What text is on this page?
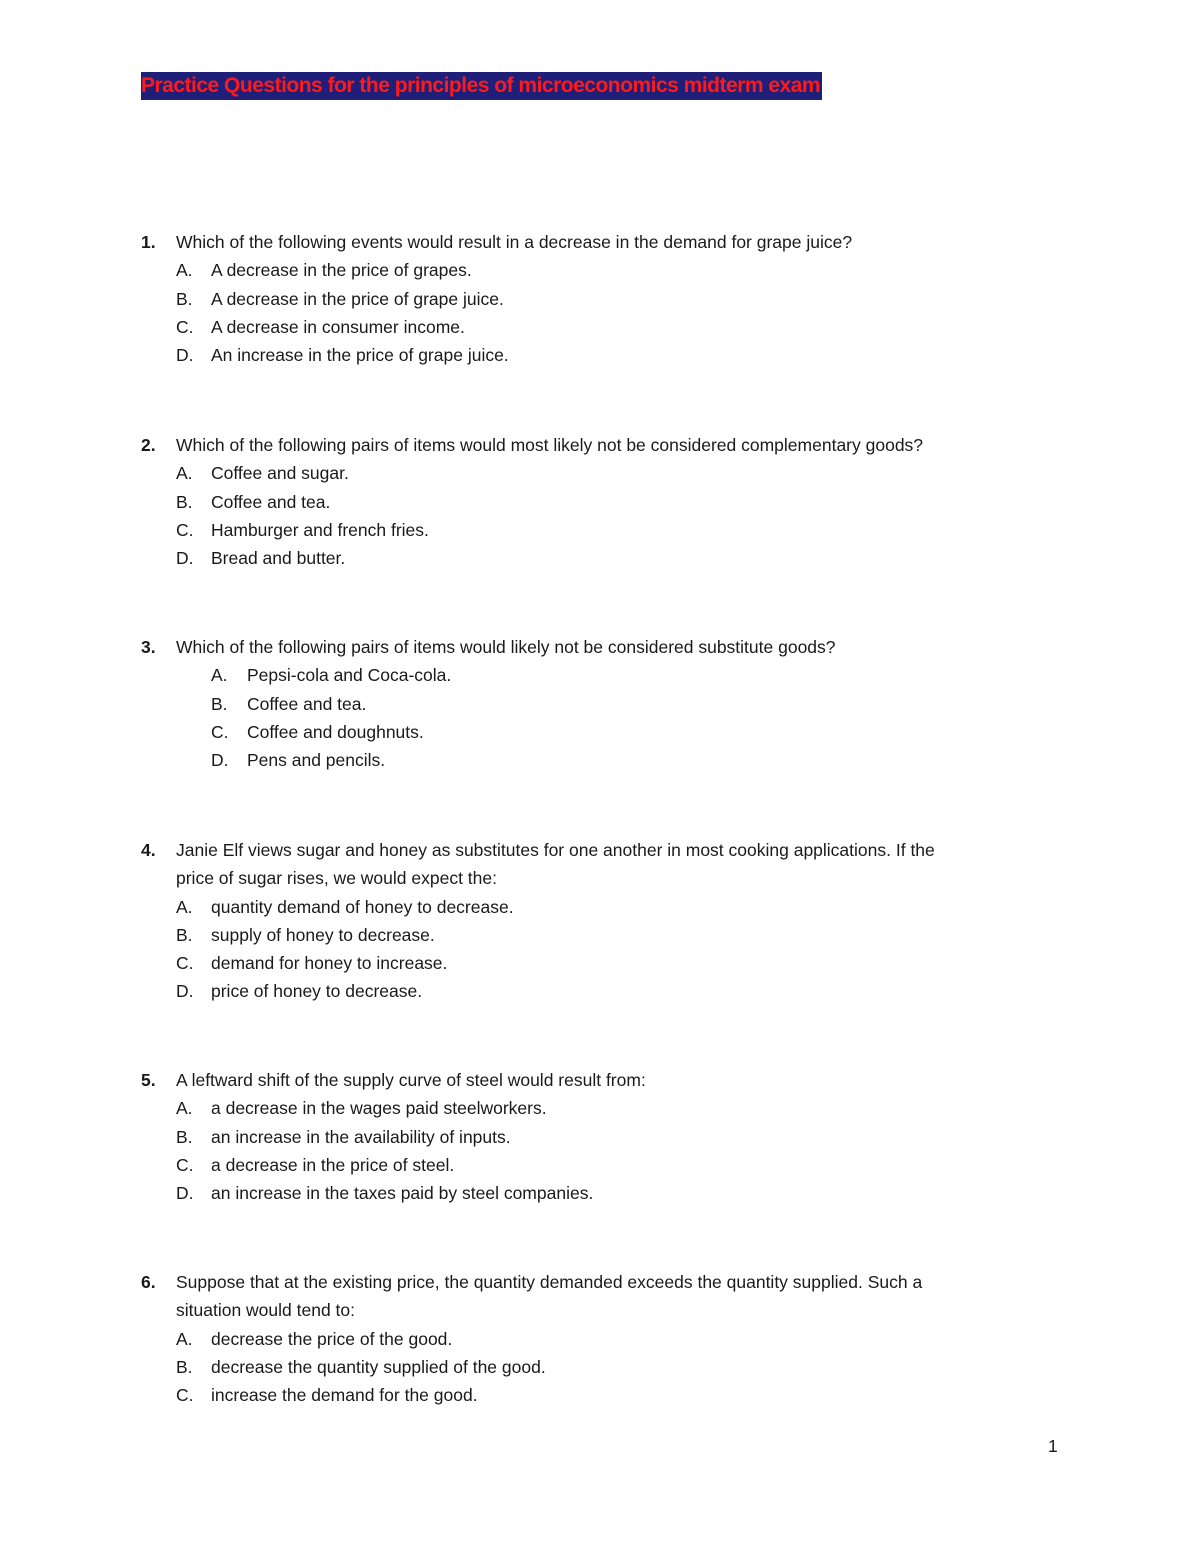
Practice Questions for the principles of microeconomics midterm exam
1. Which of the following events would result in a decrease in the demand for grape juice?
A. A decrease in the price of grapes.
B. A decrease in the price of grape juice.
C. A decrease in consumer income.
D. An increase in the price of grape juice.
2. Which of the following pairs of items would most likely not be considered complementary goods?
A. Coffee and sugar.
B. Coffee and tea.
C. Hamburger and french fries.
D. Bread and butter.
3. Which of the following pairs of items would likely not be considered substitute goods?
A. Pepsi-cola and Coca-cola.
B. Coffee and tea.
C. Coffee and doughnuts.
D. Pens and pencils.
4. Janie Elf views sugar and honey as substitutes for one another in most cooking applications. If the
price of sugar rises, we would expect the:
A. quantity demand of honey to decrease.
B. supply of honey to decrease.
C. demand for honey to increase.
D. price of honey to decrease.
5. A leftward shift of the supply curve of steel would result from:
A. a decrease in the wages paid steelworkers.
B. an increase in the availability of inputs.
C. a decrease in the price of steel.
D. an increase in the taxes paid by steel companies.
6. Suppose that at the existing price, the quantity demanded exceeds the quantity supplied. Such a
situation would tend to:
A. decrease the price of the good.
B. decrease the quantity supplied of the good.
C. increase the demand for the good.
1
